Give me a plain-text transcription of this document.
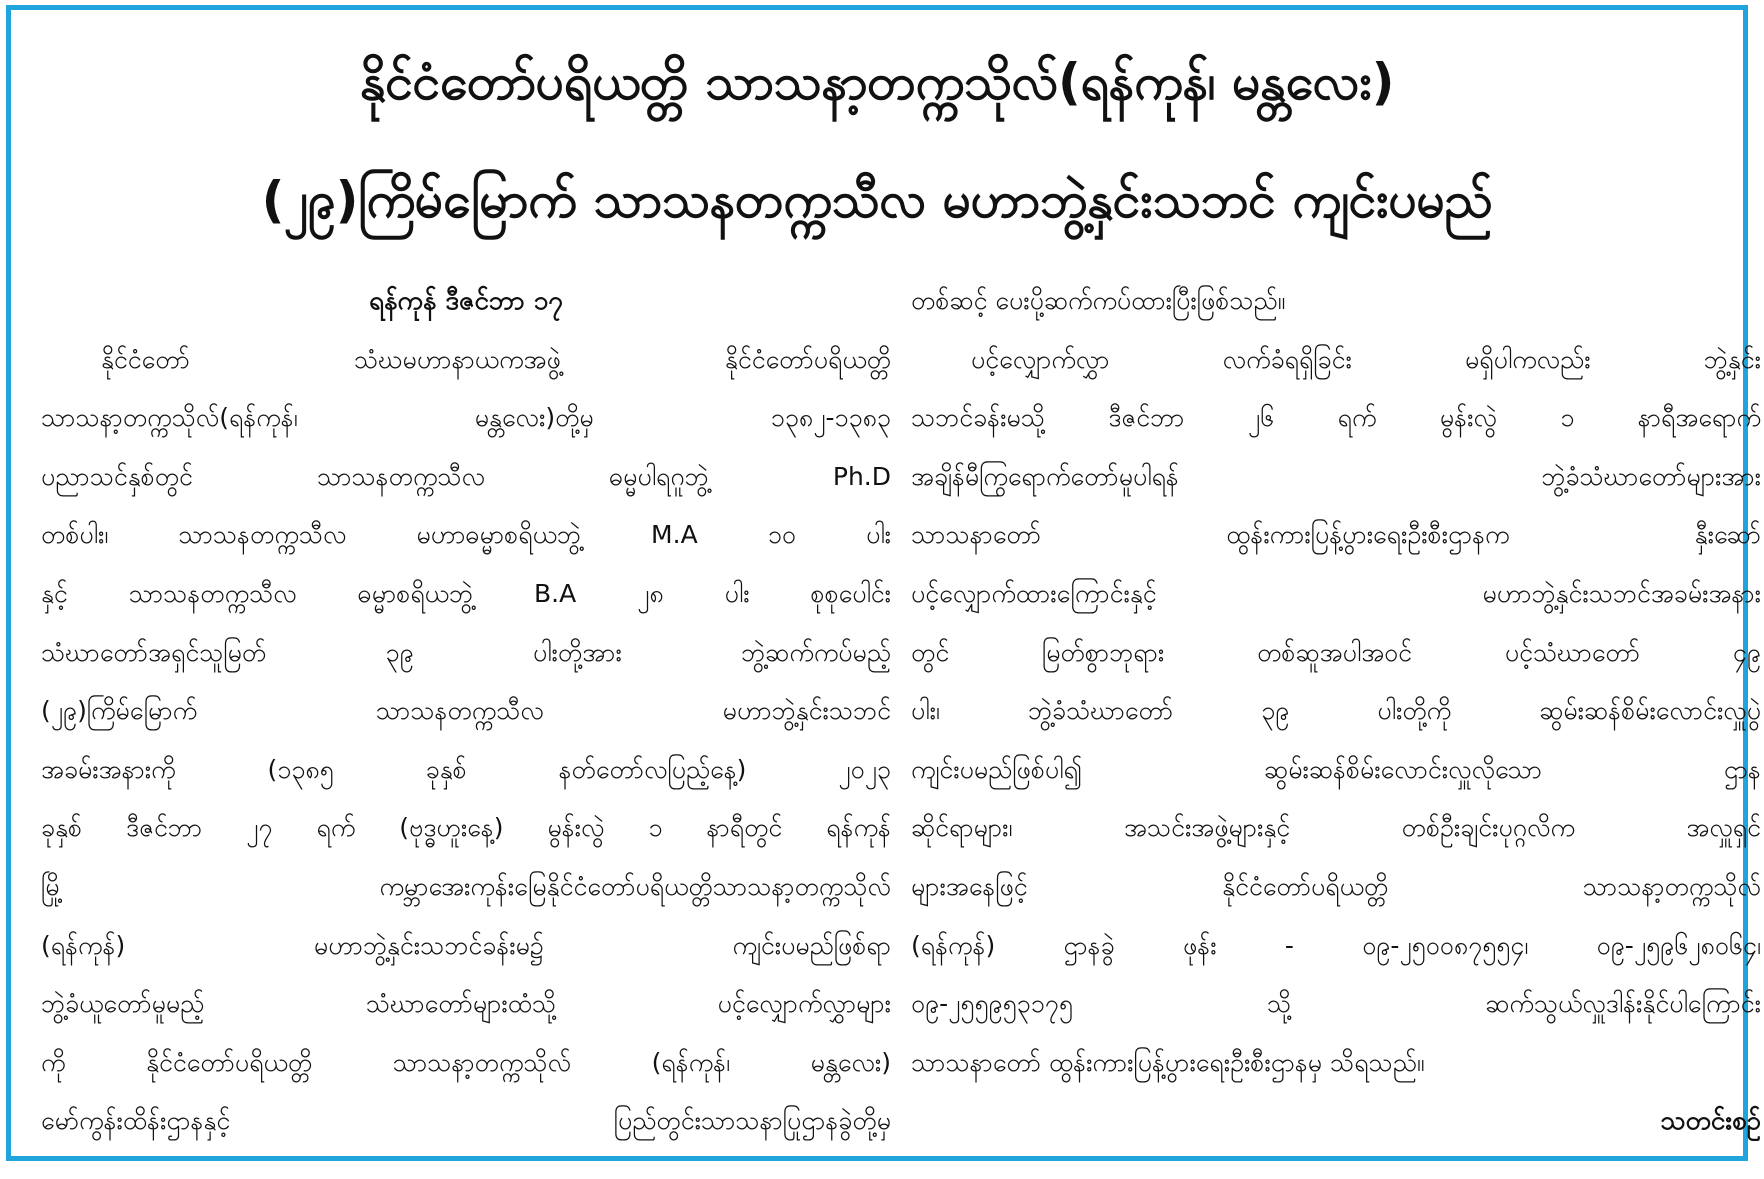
နိုင်ငံတော်ပရိယတ္တိ သာသနာ့တက္ကသိုလ်(ရန်ကုန်၊ မန္တလေး)
(၂၉)ကြိမ်မြောက် သာသနတက္ကသီလ မဟာဘွဲ့နှင်းသဘင် ကျင်းပမည်
ရန်ကုန် ဒီဇင်ဘာ ၁၇
နိုင်ငံတော် သံဃမဟာနာယကအဖွဲ့ နိုင်ငံတော်ပရိယတ္တိ
သာသနာ့တက္ကသိုလ်(ရန်ကုန်၊ မန္တလေး)တို့မှ ၁၃၈၂-၁၃၈၃
ပညာသင်နှစ်တွင် သာသနတက္ကသီလ ဓမ္မပါရဂူဘွဲ့ Ph.D
တစ်ပါး၊ သာသနတက္ကသီလ မဟာဓမ္မာစရိယဘွဲ့ M.A ၁၀ ပါး
နှင့် သာသနတက္ကသီလ ဓမ္မာစရိယဘွဲ့ B.A ၂၈ ပါး စုစုပေါင်း
သံဃာတော်အရှင်သူမြတ် ၃၉ ပါးတို့အား ဘွဲ့ဆက်ကပ်မည့်
(၂၉)ကြိမ်မြောက် သာသနတက္ကသီလ မဟာဘွဲ့နှင်းသဘင်
အခမ်းအနားကို (၁၃၈၅ ခုနှစ် နတ်တော်လပြည့်နေ့) ၂၀၂၃
ခုနှစ် ဒီဇင်ဘာ ၂၇ ရက် (ဗုဒ္ဓဟူးနေ့) မွန်းလွဲ ၁ နာရီတွင် ရန်ကုန်
မြို့ ကမ္ဘာအေးကုန်းမြေနိုင်ငံတော်ပရိယတ္တိသာသနာ့တက္ကသိုလ်
(ရန်ကုန်) မဟာဘွဲ့နှင်းသဘင်ခန်းမ၌ ကျင်းပမည်ဖြစ်ရာ
ဘွဲ့ခံယူတော်မူမည့် သံဃာတော်များထံသို့ ပင့်လျှောက်လွှာများ
ကို နိုင်ငံတော်ပရိယတ္တိ သာသနာ့တက္ကသိုလ် (ရန်ကုန်၊ မန္တလေး)
မော်ကွန်းထိန်းဌာနနှင့် ပြည်တွင်းသာသနာပြုဌာနခွဲတို့မှ
တစ်ဆင့် ပေးပို့ဆက်ကပ်ထားပြီးဖြစ်သည်။
ပင့်လျှောက်လွှာ လက်ခံရရှိခြင်း မရှိပါကလည်း ဘွဲ့နှင်း
သဘင်ခန်းမသို့ ဒီဇင်ဘာ ၂၆ ရက် မွန်းလွဲ ၁ နာရီအရောက်
အချိန်မီကြွရောက်တော်မူပါရန် ဘွဲ့ခံသံဃာတော်များအား
သာသနာတော် ထွန်းကားပြန့်ပွားရေးဦးစီးဌာနက နှီးဆော်
ပင့်လျှောက်ထားကြောင်းနှင့် မဟာဘွဲ့နှင်းသဘင်အခမ်းအနား
တွင် မြတ်စွာဘုရား တစ်ဆူအပါအဝင် ပင့်သံဃာတော် ၄၉
ပါး၊ ဘွဲ့ခံသံဃာတော် ၃၉ ပါးတို့ကို ဆွမ်းဆန်စိမ်းလောင်းလှူပွဲ
ကျင်းပမည်ဖြစ်ပါ၍ ဆွမ်းဆန်စိမ်းလောင်းလှူလိုသော ဌာန
ဆိုင်ရာများ၊ အသင်းအဖွဲ့များနှင့် တစ်ဦးချင်းပုဂ္ဂလိက အလှူရှင်
များအနေဖြင့် နိုင်ငံတော်ပရိယတ္တိ သာသနာ့တက္ကသိုလ်
(ရန်ကုန်) ဌာနခွဲ ဖုန်း - ၀၉-၂၅၀၀၈၇၅၅၄၊ ၀၉-၂၅၉၆၂၈၀၆၄၊
၀၉-၂၅၅၉၅၃၁၇၅ သို့ ဆက်သွယ်လှူဒါန်းနိုင်ပါကြောင်း
သာသနာတော် ထွန်းကားပြန့်ပွားရေးဦးစီးဌာနမှ သိရသည်။
သတင်းစဉ်
